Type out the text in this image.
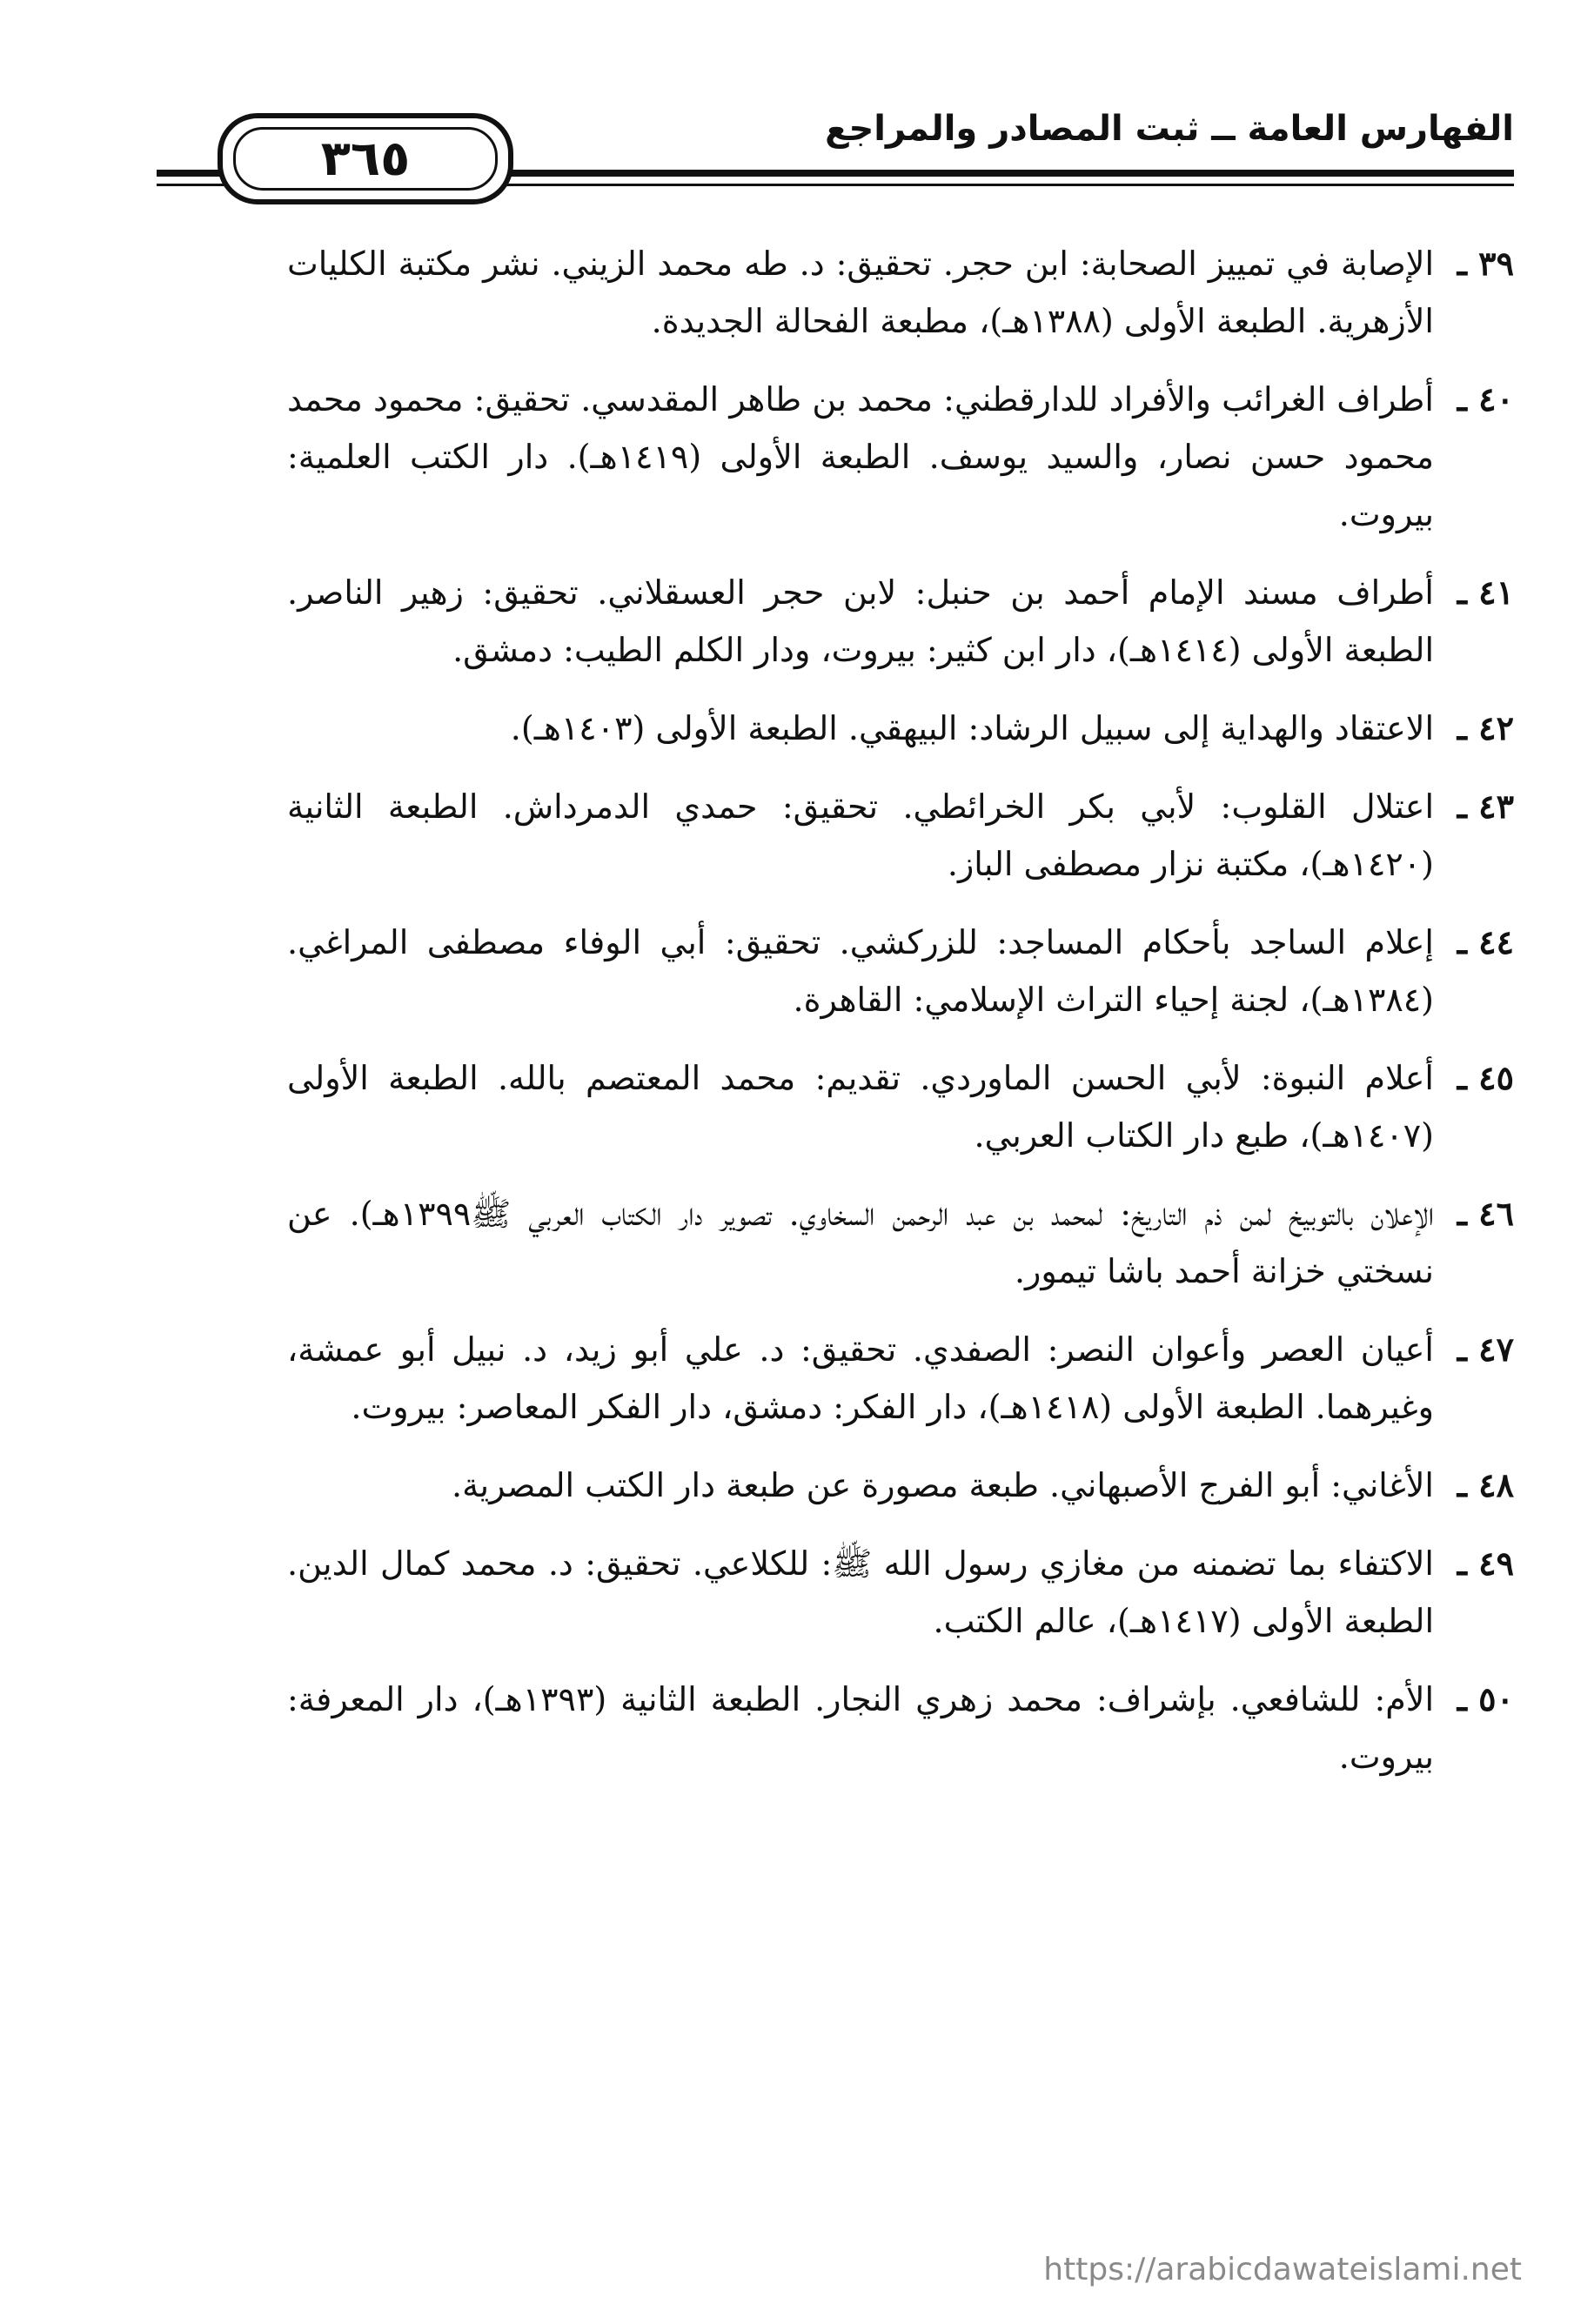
٣٦٥
الفهارس العامة ــ ثبت المصادر والمراجع
٣٩ ـ
الإصابة في تمييز الصحابة: ابن حجر. تحقيق: د. طه محمد الزيني. نشر مكتبة الكليات الأزهرية. الطبعة الأولى (١٣٨٨هـ)، مطبعة الفحالة الجديدة.
٤٠ ـ
أطراف الغرائب والأفراد للدارقطني: محمد بن طاهر المقدسي. تحقيق: محمود محمد محمود حسن نصار، والسيد يوسف. الطبعة الأولى (١٤١٩هـ). دار الكتب العلمية: بيروت.
٤١ ـ
أطراف مسند الإمام أحمد بن حنبل: لابن حجر العسقلاني. تحقيق: زهير الناصر. الطبعة الأولى (١٤١٤هـ)، دار ابن كثير: بيروت، ودار الكلم الطيب: دمشق.
٤٢ ـ
الاعتقاد والهداية إلى سبيل الرشاد: البيهقي. الطبعة الأولى (١٤٠٣هـ).
٤٣ ـ
اعتلال القلوب: لأبي بكر الخرائطي. تحقيق: حمدي الدمرداش. الطبعة الثانية (١٤٢٠هـ)، مكتبة نزار مصطفى الباز.
٤٤ ـ
إعلام الساجد بأحكام المساجد: للزركشي. تحقيق: أبي الوفاء مصطفى المراغي. (١٣٨٤هـ)، لجنة إحياء التراث الإسلامي: القاهرة.
٤٥ ـ
أعلام النبوة: لأبي الحسن الماوردي. تقديم: محمد المعتصم بالله. الطبعة الأولى (١٤٠٧هـ)، طبع دار الكتاب العربي.
٤٦ ـ
الإعلان بالتوبيخ لمن ذم التاريخ: لمحمد بن عبد الرحمن السخاوي. تصوير دار الكتاب العربي ﷺ١٣٩٩هـ). عن نسختي خزانة أحمد باشا تيمور.
٤٧ ـ
أعيان العصر وأعوان النصر: الصفدي. تحقيق: د. علي أبو زيد، د. نبيل أبو عمشة، وغيرهما. الطبعة الأولى (١٤١٨هـ)، دار الفكر: دمشق، دار الفكر المعاصر: بيروت.
٤٨ ـ
الأغاني: أبو الفرج الأصبهاني. طبعة مصورة عن طبعة دار الكتب المصرية.
٤٩ ـ
الاكتفاء بما تضمنه من مغازي رسول الله ﷺ: للكلاعي. تحقيق: د. محمد كمال الدين. الطبعة الأولى (١٤١٧هـ)، عالم الكتب.
٥٠ ـ
الأم: للشافعي. بإشراف: محمد زهري النجار. الطبعة الثانية (١٣٩٣هـ)، دار المعرفة: بيروت.
https://arabicdawateislami.net
